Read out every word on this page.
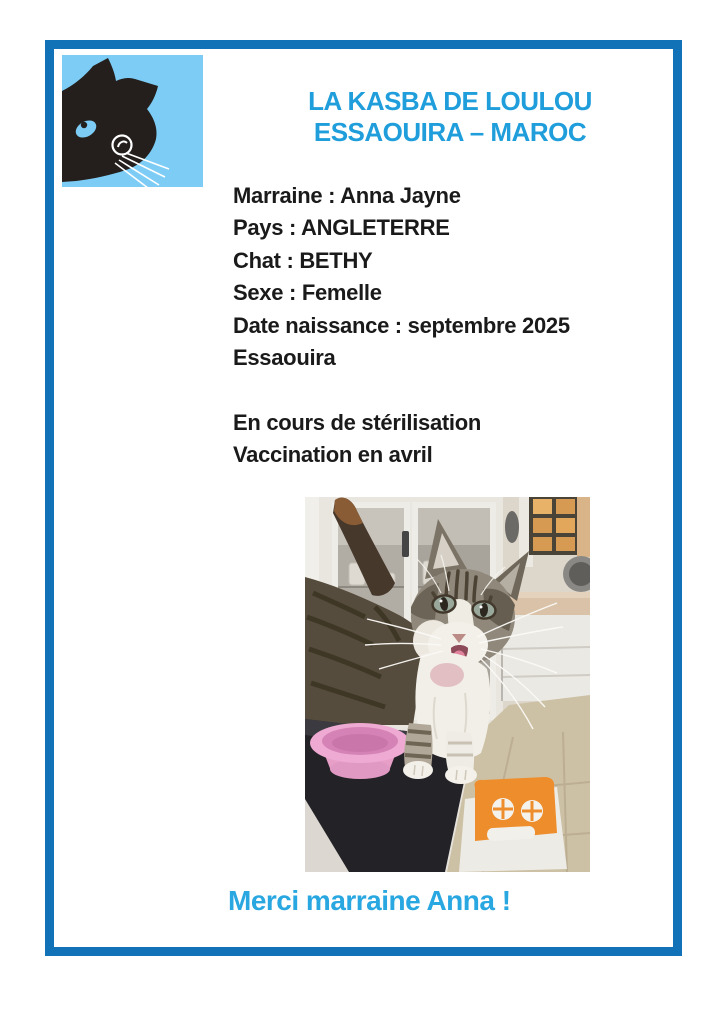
LA KASBA DE LOULOU
ESSAOUIRA – MAROC
Marraine : Anna Jayne
Pays : ANGLETERRE
Chat : BETHY
Sexe : Femelle
Date naissance : septembre 2025
Essaouira
En cours de stérilisation
Vaccination en avril
Merci marraine Anna !
